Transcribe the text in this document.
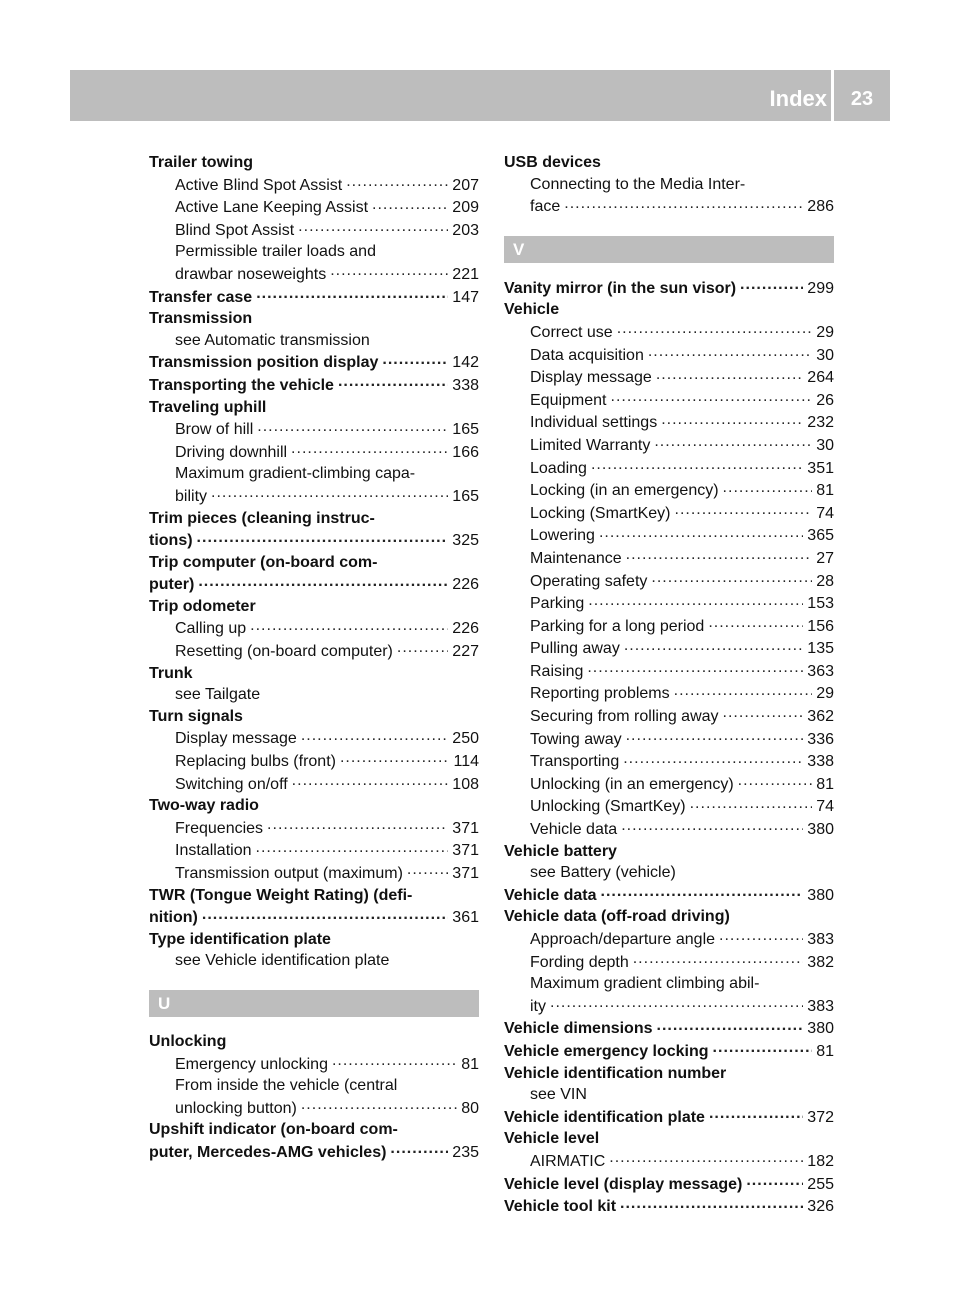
Index	23
Trailer towing
Active Blind Spot Assist .....	207
Active Lane Keeping Assist .....	209
Blind Spot Assist .....	203
Permissible trailer loads and
drawbar noseweights .....	221
Transfer case .....	147
Transmission
see Automatic transmission
Transmission position display .....	142
Transporting the vehicle .....	338
Traveling uphill
Brow of hill .....	165
Driving downhill .....	166
Maximum gradient-climbing capa-
bility .....	165
Trim pieces (cleaning instruc-
tions) .....	325
Trip computer (on-board com-
puter) .....	226
Trip odometer
Calling up .....	226
Resetting (on-board computer) .....	227
Trunk
see Tailgate
Turn signals
Display message .....	250
Replacing bulbs (front) .....	114
Switching on/off .....	108
Two-way radio
Frequencies .....	371
Installation .....	371
Transmission output (maximum) .....	371
TWR (Tongue Weight Rating) (defi-
nition) .....	361
Type identification plate
see Vehicle identification plate
U
Unlocking
Emergency unlocking .....	81
From inside the vehicle (central
unlocking button) .....	80
Upshift indicator (on-board com-
puter, Mercedes-AMG vehicles) .....	235
USB devices
Connecting to the Media Inter-
face .....	286
V
Vanity mirror (in the sun visor) .....	299
Vehicle
Correct use .....	29
Data acquisition .....	30
Display message .....	264
Equipment .....	26
Individual settings .....	232
Limited Warranty .....	30
Loading .....	351
Locking (in an emergency) .....	81
Locking (SmartKey) .....	74
Lowering .....	365
Maintenance .....	27
Operating safety .....	28
Parking .....	153
Parking for a long period .....	156
Pulling away .....	135
Raising .....	363
Reporting problems .....	29
Securing from rolling away .....	362
Towing away .....	336
Transporting .....	338
Unlocking (in an emergency) .....	81
Unlocking (SmartKey) .....	74
Vehicle data .....	380
Vehicle battery
see Battery (vehicle)
Vehicle data .....	380
Vehicle data (off-road driving)
Approach/departure angle .....	383
Fording depth .....	382
Maximum gradient climbing abil-
ity .....	383
Vehicle dimensions .....	380
Vehicle emergency locking .....	81
Vehicle identification number
see VIN
Vehicle identification plate .....	372
Vehicle level
AIRMATIC .....	182
Vehicle level (display message) .....	255
Vehicle tool kit .....	326
